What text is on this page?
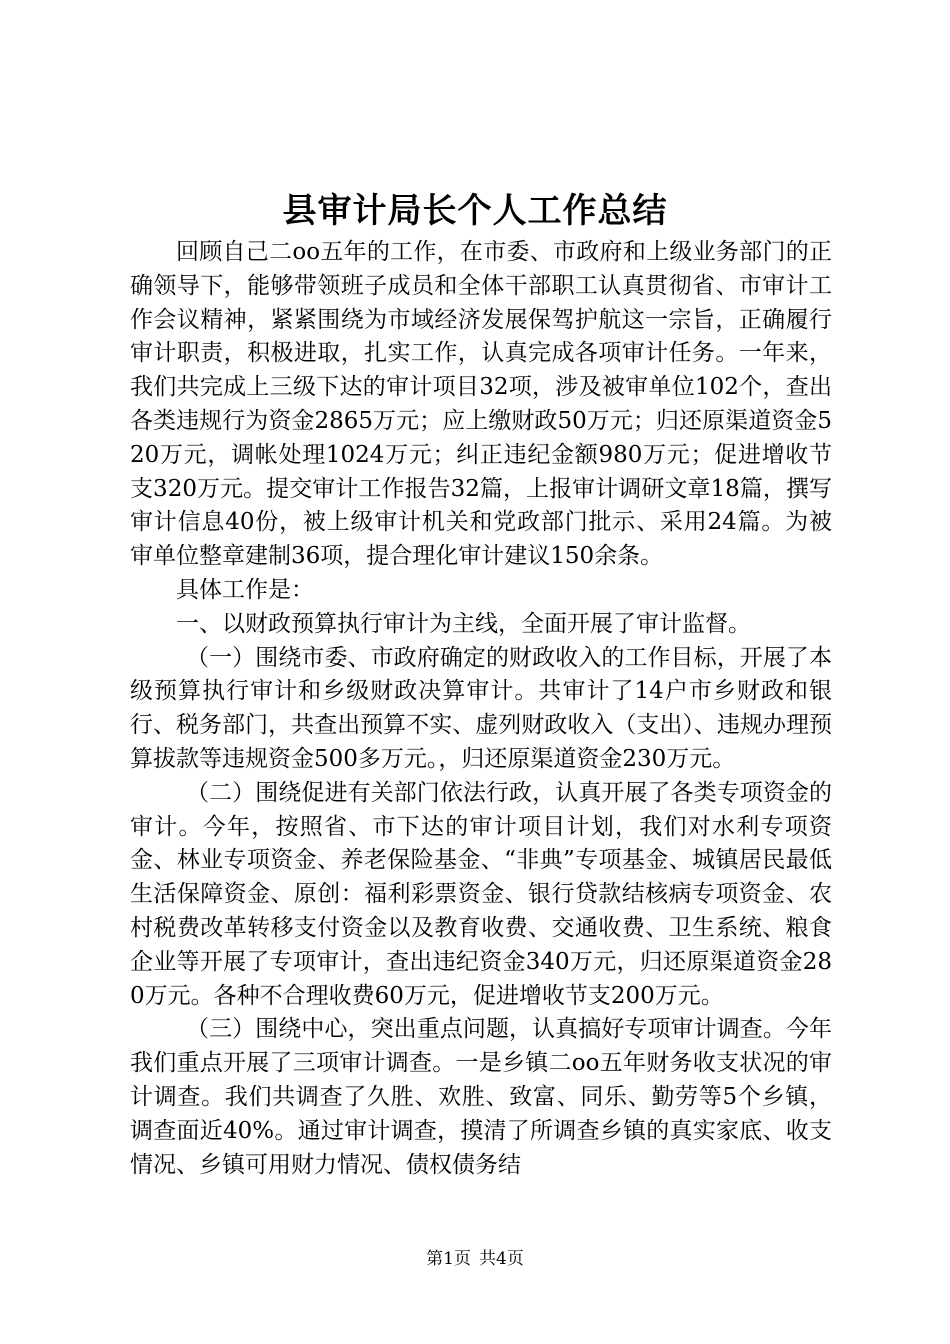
县审计局长个人工作总结

回顾自己二oo五年的工作，在市委、市政府和上级业务部门的正确领导下，能够带领班子成员和全体干部职工认真贯彻省、市审计工作会议精神，紧紧围绕为市域经济发展保驾护航这一宗旨，正确履行审计职责，积极进取，扎实工作，认真完成各项审计任务。一年来，我们共完成上三级下达的审计项目32项，涉及被审单位102个，查出各类违规行为资金2865万元；应上缴财政50万元；归还原渠道资金520万元，调帐处理1024万元；纠正违纪金额980万元；促进增收节支320万元。提交审计工作报告32篇，上报审计调研文章18篇，撰写审计信息40份，被上级审计机关和党政部门批示、采用24篇。为被审单位整章建制36项，提合理化审计建议150余条。

具体工作是：

一、以财政预算执行审计为主线，全面开展了审计监督。

（一）围绕市委、市政府确定的财政收入的工作目标，开展了本级预算执行审计和乡级财政决算审计。共审计了14户市乡财政和银行、税务部门，共查出预算不实、虚列财政收入（支出）、违规办理预算拔款等违规资金500多万元。，归还原渠道资金230万元。

（二）围绕促进有关部门依法行政，认真开展了各类专项资金的审计。今年，按照省、市下达的审计项目计划，我们对水利专项资金、林业专项资金、养老保险基金、“非典”专项基金、城镇居民最低生活保障资金、原创：福利彩票资金、银行贷款结核病专项资金、农村税费改革转移支付资金以及教育收费、交通收费、卫生系统、粮食企业等开展了专项审计，查出违纪资金340万元，归还原渠道资金280万元。各种不合理收费60万元，促进增收节支200万元。

（三）围绕中心，突出重点问题，认真搞好专项审计调查。今年我们重点开展了三项审计调查。一是乡镇二oo五年财务收支状况的审计调查。我们共调查了久胜、欢胜、致富、同乐、勤劳等5个乡镇，调查面近40%。通过审计调查，摸清了所调查乡镇的真实家底、收支情况、乡镇可用财力情况、债权债务结

第1页 共4页
